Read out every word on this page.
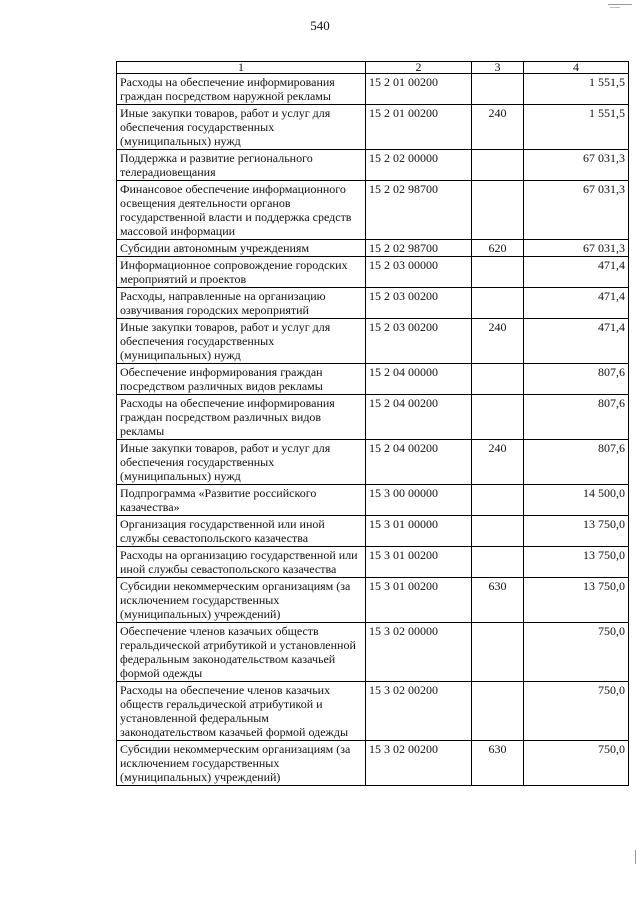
540
1	2	3	4
Расходы на обеспечение информирования граждан посредством наружной рекламы	15 2 01 00200		1 551,5
Иные закупки товаров, работ и услуг для обеспечения государственных (муниципальных) нужд	15 2 01 00200	240	1 551,5
Поддержка и развитие регионального телерадиовещания	15 2 02 00000		67 031,3
Финансовое обеспечение информационного освещения деятельности органов государственной власти и поддержка средств массовой информации	15 2 02 98700		67 031,3
Субсидии автономным учреждениям	15 2 02 98700	620	67 031,3
Информационное сопровождение городских мероприятий и проектов	15 2 03 00000		471,4
Расходы, направленные на организацию озвучивания городских мероприятий	15 2 03 00200		471,4
Иные закупки товаров, работ и услуг для обеспечения государственных (муниципальных) нужд	15 2 03 00200	240	471,4
Обеспечение информирования граждан посредством различных видов рекламы	15 2 04 00000		807,6
Расходы на обеспечение информирования граждан посредством различных видов рекламы	15 2 04 00200		807,6
Иные закупки товаров, работ и услуг для обеспечения государственных (муниципальных) нужд	15 2 04 00200	240	807,6
Подпрограмма «Развитие российского казачества»	15 3 00 00000		14 500,0
Организация государственной или иной службы севастопольского казачества	15 3 01 00000		13 750,0
Расходы на организацию государственной или иной службы севастопольского казачества	15 3 01 00200		13 750,0
Субсидии некоммерческим организациям (за исключением государственных (муниципальных) учреждений)	15 3 01 00200	630	13 750,0
Обеспечение членов казачьих обществ геральдической атрибутикой и установленной федеральным законодательством казачьей формой одежды	15 3 02 00000		750,0
Расходы на обеспечение членов казачьих обществ геральдической атрибутикой и установленной федеральным законодательством казачьей формой одежды	15 3 02 00200		750,0
Субсидии некоммерческим организациям (за исключением государственных (муниципальных) учреждений)	15 3 02 00200	630	750,0
